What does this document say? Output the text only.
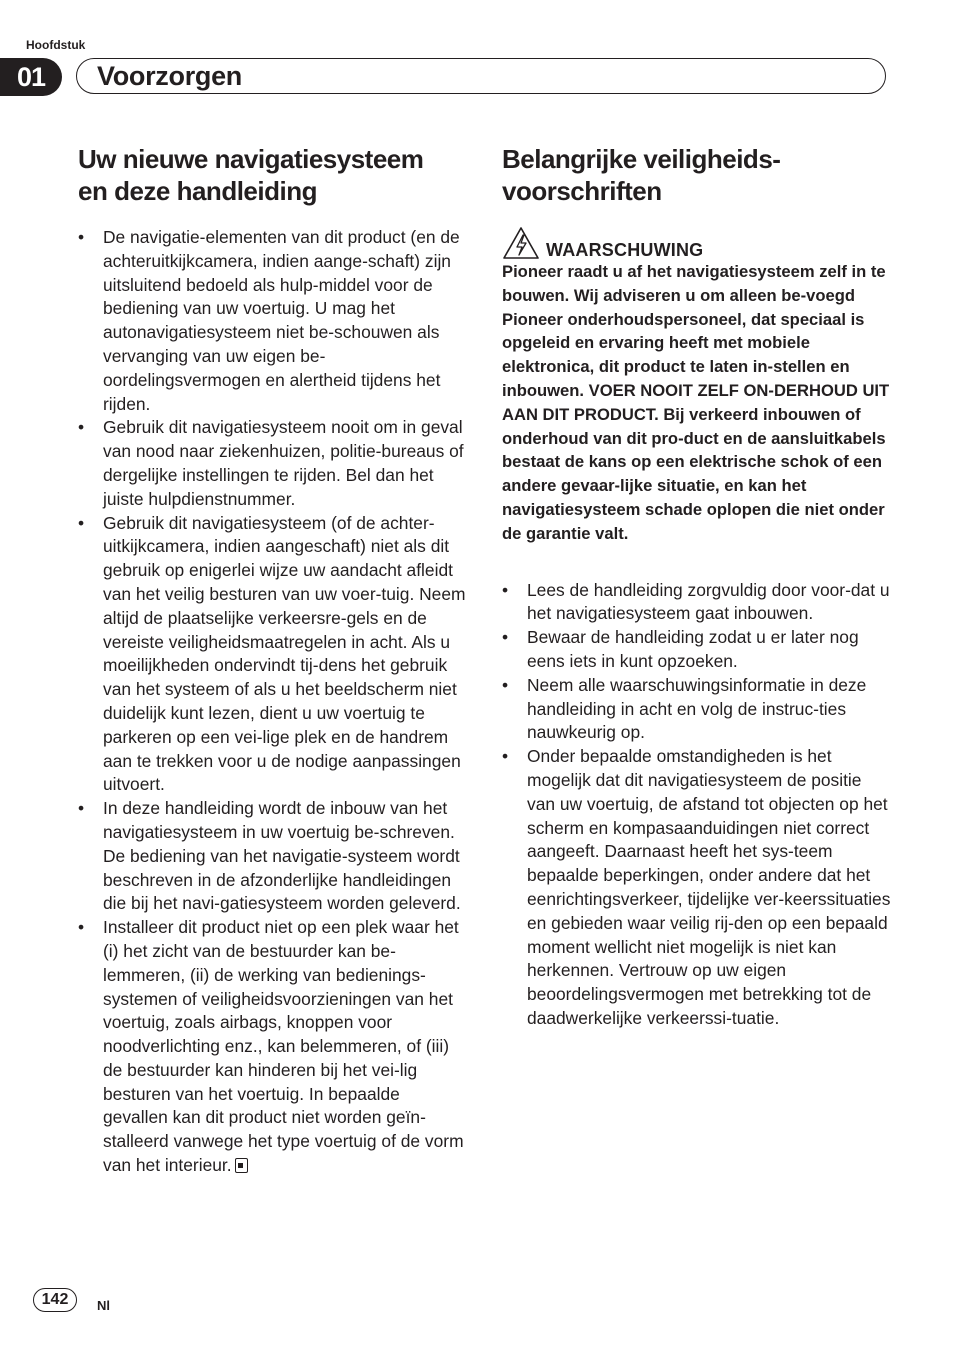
Hoofdstuk
01	Voorzorgen
Uw nieuwe navigatiesysteem
en deze handleiding
• De navigatie-elementen van dit product (en de achteruitkijkcamera, indien aange-schaft) zijn uitsluitend bedoeld als hulp-middel voor de bediening van uw voertuig. U mag het autonavigatiesysteem niet be-schouwen als vervanging van uw eigen be-oordelingsvermogen en alertheid tijdens het rijden.
• Gebruik dit navigatiesysteem nooit om in geval van nood naar ziekenhuizen, politie-bureaus of dergelijke instellingen te rijden. Bel dan het juiste hulpdienstnummer.
• Gebruik dit navigatiesysteem (of de achter-uitkijkcamera, indien aangeschaft) niet als dit gebruik op enigerlei wijze uw aandacht afleidt van het veilig besturen van uw voer-tuig. Neem altijd de plaatselijke verkeersre-gels en de vereiste veiligheidsmaatregelen in acht. Als u moeilijkheden ondervindt tij-dens het gebruik van het systeem of als u het beeldscherm niet duidelijk kunt lezen, dient u uw voertuig te parkeren op een vei-lige plek en de handrem aan te trekken voor u de nodige aanpassingen uitvoert.
• In deze handleiding wordt de inbouw van het navigatiesysteem in uw voertuig be-schreven. De bediening van het navigatie-systeem wordt beschreven in de afzonderlijke handleidingen die bij het navi-gatiesysteem worden geleverd.
• Installeer dit product niet op een plek waar het (i) het zicht van de bestuurder kan be-lemmeren, (ii) de werking van bedienings-systemen of veiligheidsvoorzieningen van het voertuig, zoals airbags, knoppen voor noodverlichting enz., kan belemmeren, of (iii) de bestuurder kan hinderen bij het vei-lig besturen van het voertuig. In bepaalde gevallen kan dit product niet worden geïn-stalleerd vanwege het type voertuig of de vorm van het interieur.
Belangrijke veiligheids-
voorschriften
WAARSCHUWING

Pioneer raadt u af het navigatiesysteem zelf in te bouwen. Wij adviseren u om alleen be-voegd Pioneer onderhoudspersoneel, dat speciaal is opgeleid en ervaring heeft met mobiele elektronica, dit product te laten in-stellen en inbouwen. VOER NOOIT ZELF ON-DERHOUD UIT AAN DIT PRODUCT. Bij verkeerd inbouwen of onderhoud van dit pro-duct en de aansluitkabels bestaat de kans op een elektrische schok of een andere gevaar-lijke situatie, en kan het navigatiesysteem schade oplopen die niet onder de garantie valt.

• Lees de handleiding zorgvuldig door voor-dat u het navigatiesysteem gaat inbouwen.
• Bewaar de handleiding zodat u er later nog eens iets in kunt opzoeken.
• Neem alle waarschuwingsinformatie in deze handleiding in acht en volg de instruc-ties nauwkeurig op.
• Onder bepaalde omstandigheden is het mogelijk dat dit navigatiesysteem de positie van uw voertuig, de afstand tot objecten op het scherm en kompasaanduidingen niet correct aangeeft. Daarnaast heeft het sys-teem bepaalde beperkingen, onder andere dat het eenrichtingsverkeer, tijdelijke ver-keerssituaties en gebieden waar veilig rij-den op een bepaald moment wellicht niet mogelijk is niet kan herkennen. Vertrouw op uw eigen beoordelingsvermogen met betrekking tot de daadwerkelijke verkeerssi-tuatie.
142	Nl
